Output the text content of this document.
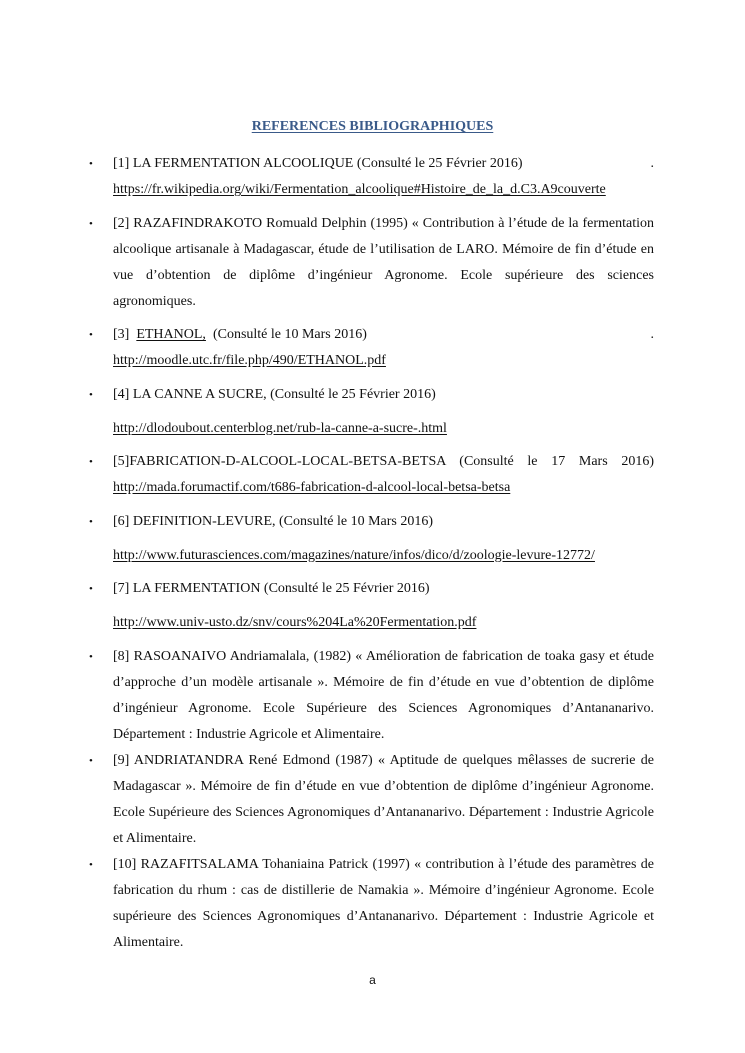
REFERENCES BIBLIOGRAPHIQUES
• [1] LA FERMENTATION ALCOOLIQUE (Consulté le 25 Février 2016)	.
https://fr.wikipedia.org/wiki/Fermentation_alcoolique#Histoire_de_la_d.C3.A9couverte
• [2] RAZAFINDRAKOTO Romuald Delphin (1995) « Contribution à l’étude de la fermentation alcoolique artisanale à Madagascar, étude de l’utilisation de LARO. Mémoire de fin d’étude en vue d’obtention de diplôme d’ingénieur Agronome. Ecole supérieure des sciences agronomiques.
• [3] ETHANOL, (Consulté le 10 Mars 2016)	.
http://moodle.utc.fr/file.php/490/ETHANOL.pdf
• [4] LA CANNE A SUCRE, (Consulté le 25 Février 2016)
http://dlodoubout.centerblog.net/rub-la-canne-a-sucre-.html
• [5]FABRICATION-D-ALCOOL-LOCAL-BETSA-BETSA (Consulté le 17 Mars 2016)
http://mada.forumactif.com/t686-fabrication-d-alcool-local-betsa-betsa
• [6] DEFINITION-LEVURE, (Consulté le 10 Mars 2016)
http://www.futurasciences.com/magazines/nature/infos/dico/d/zoologie-levure-12772/
• [7] LA FERMENTATION (Consulté le 25 Février 2016)
http://www.univ-usto.dz/snv/cours%204La%20Fermentation.pdf
• [8] RASOANAIVO Andriamalala, (1982) « Amélioration de fabrication de toaka gasy et étude d’approche d’un modèle artisanale ». Mémoire de fin d’étude en vue d’obtention de diplôme d’ingénieur Agronome. Ecole Supérieure des Sciences Agronomiques d’Antananarivo. Département : Industrie Agricole et Alimentaire.
• [9] ANDRIATANDRA René Edmond (1987) « Aptitude de quelques mêlasses de sucrerie de Madagascar ». Mémoire de fin d’étude en vue d’obtention de diplôme d’ingénieur Agronome. Ecole Supérieure des Sciences Agronomiques d’Antananarivo. Département : Industrie Agricole et Alimentaire.
• [10] RAZAFITSALAMA Tohaniaina Patrick (1997) « contribution à l’étude des paramètres de fabrication du rhum : cas de distillerie de Namakia ». Mémoire d’ingénieur Agronome. Ecole supérieure des Sciences Agronomiques d’Antananarivo. Département : Industrie Agricole et Alimentaire.
a
